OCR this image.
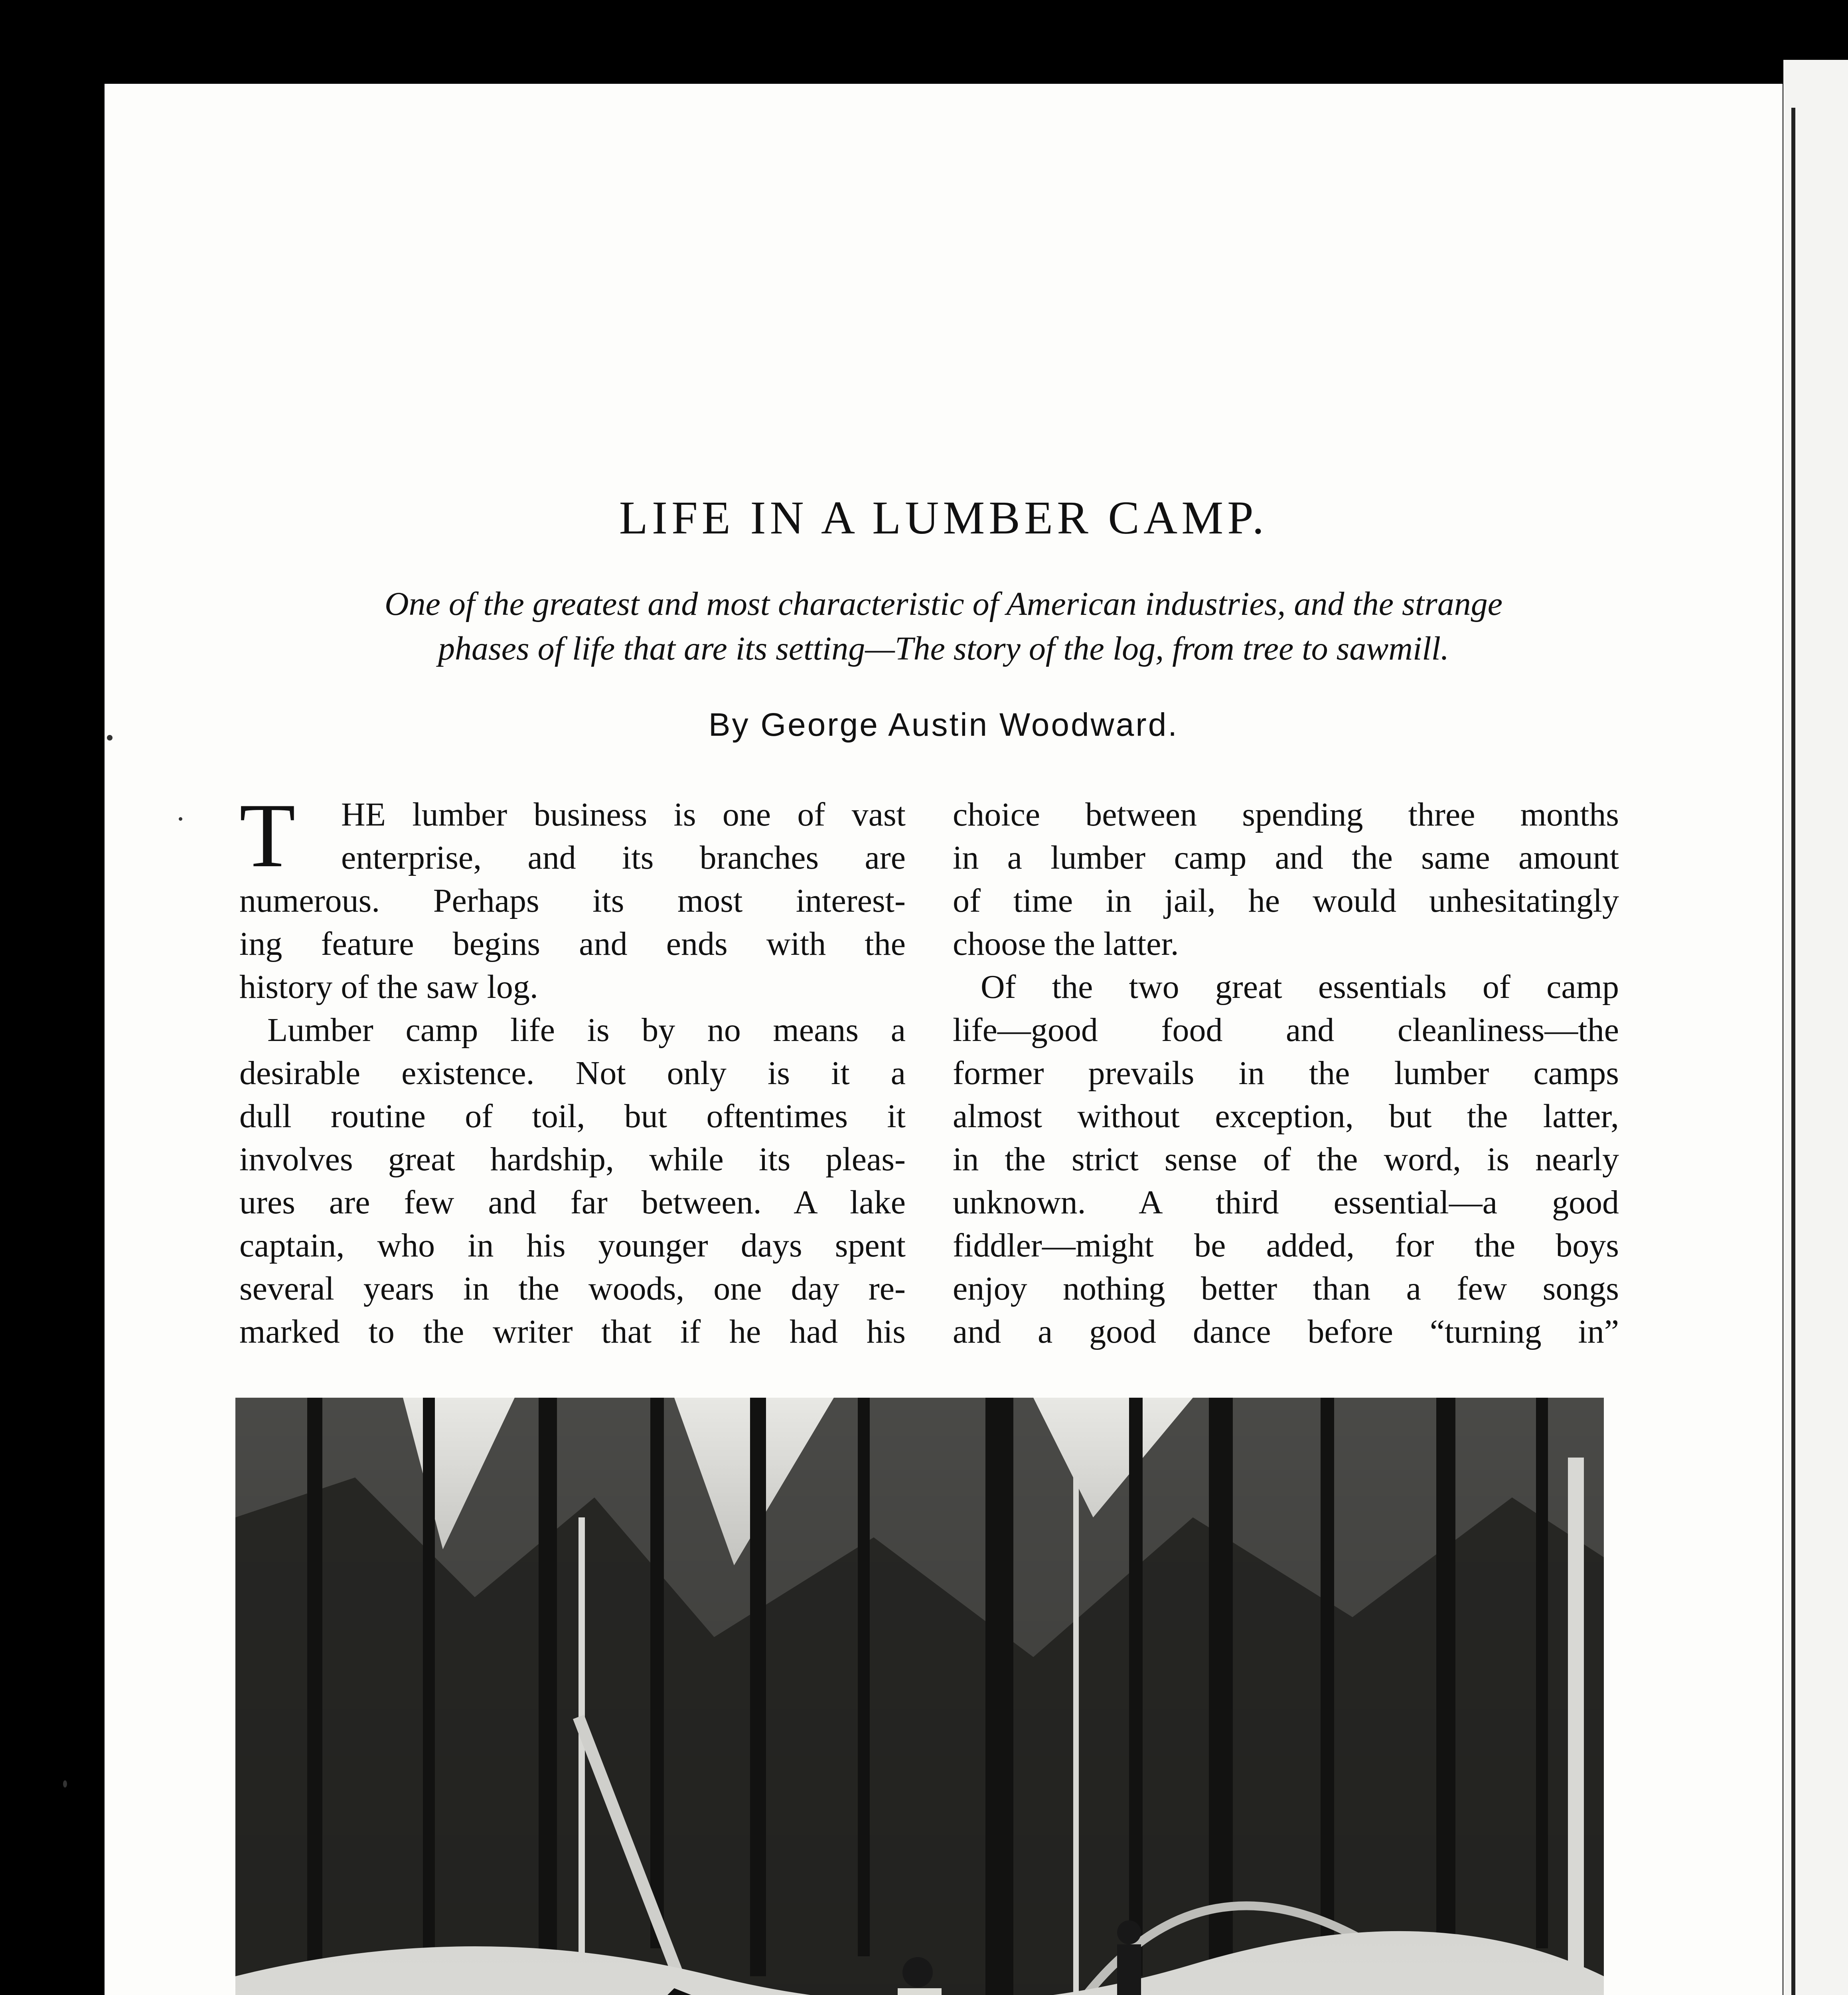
LIFE IN A LUMBER CAMP.
One of the greatest and most characteristic of American industries, and the strange
phases of life that are its setting—The story of the log, from tree to sawmill.
By George Austin Woodward.
T	HE lumber business is one of vast
enterprise, and its branches are
numerous. Perhaps its most interest-
ing feature begins and ends with the
history of the saw log.
Lumber camp life is by no means a
desirable existence. Not only is it a
dull routine of toil, but oftentimes it
involves great hardship, while its pleas-
ures are few and far between. A lake
captain, who in his younger days spent
several years in the woods, one day re-
marked to the writer that if he had his
choice between spending three months
in a lumber camp and the same amount
of time in jail, he would unhesitatingly
choose the latter.
Of the two great essentials of camp
life—good food and cleanliness—the
former prevails in the lumber camps
almost without exception, but the latter,
in the strict sense of the word, is nearly
unknown. A third essential—a good
fiddler—might be added, for the boys
enjoy nothing better than a few songs
and a good dance before “turning in”
